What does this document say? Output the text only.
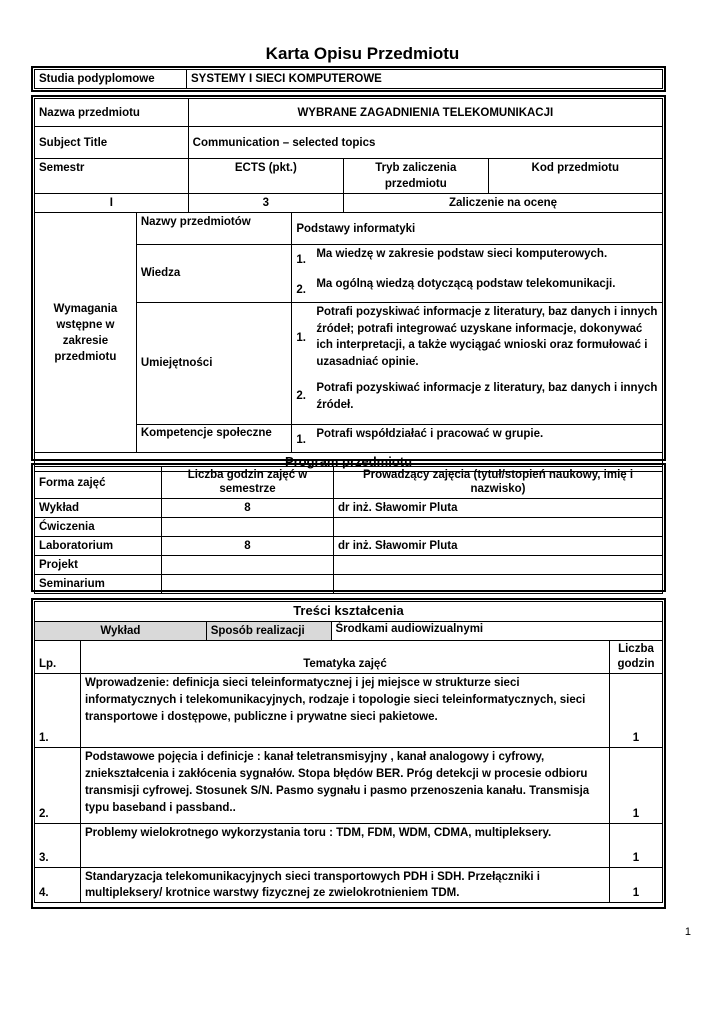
Karta Opisu Przedmiotu
Studia podyplomowe	SYSTEMY I SIECI KOMPUTEROWE
Nazwa przedmiotu		WYBRANE ZAGADNIENIA TELEKOMUNIKACJI			
Subject Title		Communication – selected topics			
Semestr		ECTS (pkt.)		Tryb zaliczenia przedmiotu	Kod przedmiotu
I		3		Zaliczenie na ocenę	
Wymagania wstępne w zakresie przedmiotu	Nazwy przedmiotów		Podstawy informatyki		
	Wiedza		1. Ma wiedzę w zakresie podstaw sieci komputerowych.
2. Ma ogólną wiedzą dotyczącą podstaw telekomunikacji.		

	Umiejętności		1.
Potrafi pozyskiwać informacje z literatury, baz danych i innych źródeł; potrafi integrować uzyskane informacje, dokonywać ich interpretacji, a także wyciągać wnioski oraz formułować i uzasadniać opinie.
2.
Potrafi pozyskiwać informacje z literatury, baz danych i innych źródeł.		

	Kompetencje społeczne		1. Potrafi współdziałać i pracować w grupie.		

Program przedmiotu					
Forma zajęć	Liczba godzin zajęć w semestrze	Prowadzący zajęcia (tytuł/stopień naukowy, imię i nazwisko)
Wykład	8	dr inż. Sławomir Pluta
Ćwiczenia		
Laboratorium	8	dr inż. Sławomir Pluta
Projekt		
Seminarium		
Treści kształcenia				
Wykład		Sposób realizacji	Środkami audiowizualnymi	
Lp.	Tematyka zajęć			Liczba godzin
1.	Wprowadzenie: definicja sieci teleinformatycznej i jej miejsce w strukturze sieci informatycznych i telekomunikacyjnych, rodzaje i topologie sieci teleinformatycznych, sieci transportowe i dostępowe, publiczne i prywatne sieci pakietowe.			1
2.	Podstawowe pojęcia i definicje : kanał teletransmisyjny , kanał analogowy i cyfrowy, zniekształcenia i zakłócenia sygnałów. Stopa błędów BER. Próg detekcji w procesie odbioru transmisji cyfrowej. Stosunek S/N. Pasmo sygnału i pasmo przenoszenia kanału. Transmisja typu baseband i passband..			1
3.	Problemy wielokrotnego wykorzystania toru : TDM, FDM, WDM, CDMA, multipleksery.			1
4.	Standaryzacja telekomunikacyjnych sieci transportowych PDH i SDH. Przełączniki i multipleksery/ krotnice warstwy fizycznej ze zwielokrotnieniem TDM.			1
1
